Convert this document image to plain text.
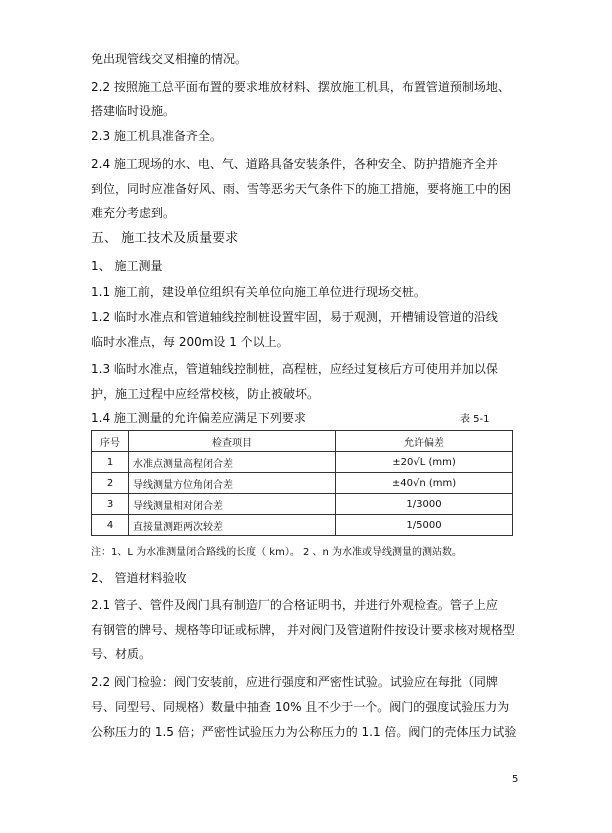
免出现管线交叉相撞的情况。
2.2 按照施工总平面布置的要求堆放材料、摆放施工机具，布置管道预制场地、
搭建临时设施。
2.3 施工机具准备齐全。
2.4 施工现场的水、电、气、道路具备安装条件，各种安全、防护措施齐全并
到位，同时应准备好风、雨、雪等恶劣天气条件下的施工措施，要将施工中的困
难充分考虑到。
五、 施工技术及质量要求
1、 施工测量
1.1 施工前，建设单位组织有关单位向施工单位进行现场交桩。
1.2 临时水准点和管道轴线控制桩设置牢固，易于观测，开槽铺设管道的沿线
临时水准点，每 200m设 1 个以上。
1.3 临时水准点，管道轴线控制桩，高程桩，应经过复核后方可使用并加以保
护，施工过程中应经常校核，防止被破坏。
1.4 施工测量的允许偏差应满足下列要求	表 5-1
序号	检查项目	允许偏差
1	水准点测量高程闭合差	±20√L (mm)
2	导线测量方位角闭合差	±40√n (mm)
3	导线测量相对闭合差	1/3000
4	直接量测距两次较差	1/5000
注：1、L 为水准测量闭合路线的长度（ km）。 2 、n 为水准或导线测量的测站数。
2、 管道材料验收
2.1 管子、管件及阀门具有制造厂的合格证明书，并进行外观检查。管子上应
有钢管的牌号、规格等印证或标牌， 并对阀门及管道附件按设计要求核对规格型
号、材质。
2.2 阀门检验：阀门安装前，应进行强度和严密性试验。试验应在每批（同牌
号、同型号、同规格）数量中抽查 10% 且不少于一个。阀门的强度试验压力为
公称压力的 1.5 倍；严密性试验压力为公称压力的 1.1 倍。阀门的壳体压力试验
5
